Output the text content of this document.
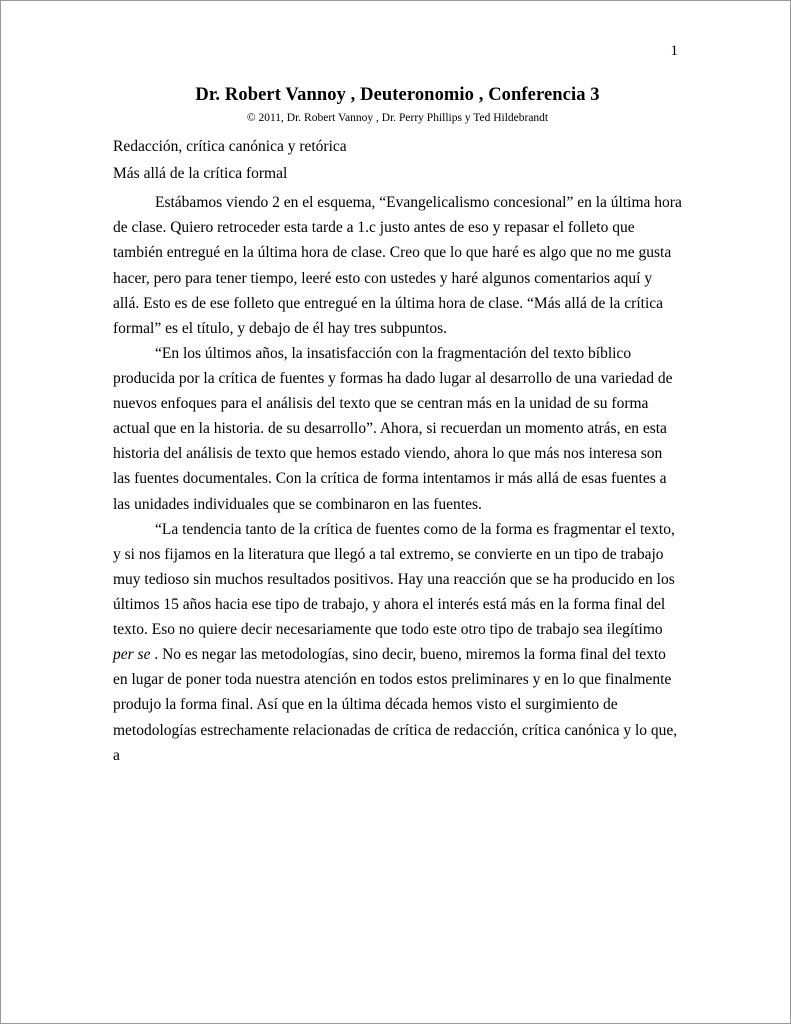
1
Dr. Robert Vannoy , Deuteronomio , Conferencia 3
© 2011, Dr. Robert Vannoy , Dr. Perry Phillips y Ted Hildebrandt
Redacción, crítica canónica y retórica
Más allá de la crítica formal

Estábamos viendo 2 en el esquema, “Evangelicalismo concesional” en la última hora de clase. Quiero retroceder esta tarde a 1.c justo antes de eso y repasar el folleto que también entregué en la última hora de clase. Creo que lo que haré es algo que no me gusta hacer, pero para tener tiempo, leeré esto con ustedes y haré algunos comentarios aquí y allá. Esto es de ese folleto que entregué en la última hora de clase. “Más allá de la crítica formal” es el título, y debajo de él hay tres subpuntos.

“En los últimos años, la insatisfacción con la fragmentación del texto bíblico producida por la crítica de fuentes y formas ha dado lugar al desarrollo de una variedad de nuevos enfoques para el análisis del texto que se centran más en la unidad de su forma actual que en la historia. de su desarrollo”. Ahora, si recuerdan un momento atrás, en esta historia del análisis de texto que hemos estado viendo, ahora lo que más nos interesa son las fuentes documentales. Con la crítica de forma intentamos ir más allá de esas fuentes a las unidades individuales que se combinaron en las fuentes.

“La tendencia tanto de la crítica de fuentes como de la forma es fragmentar el texto, y si nos fijamos en la literatura que llegó a tal extremo, se convierte en un tipo de trabajo muy tedioso sin muchos resultados positivos. Hay una reacción que se ha producido en los últimos 15 años hacia ese tipo de trabajo, y ahora el interés está más en la forma final del texto. Eso no quiere decir necesariamente que todo este otro tipo de trabajo sea ilegítimo per se . No es negar las metodologías, sino decir, bueno, miremos la forma final del texto en lugar de poner toda nuestra atención en todos estos preliminares y en lo que finalmente produjo la forma final. Así que en la última década hemos visto el surgimiento de metodologías estrechamente relacionadas de crítica de redacción, crítica canónica y lo que, a
